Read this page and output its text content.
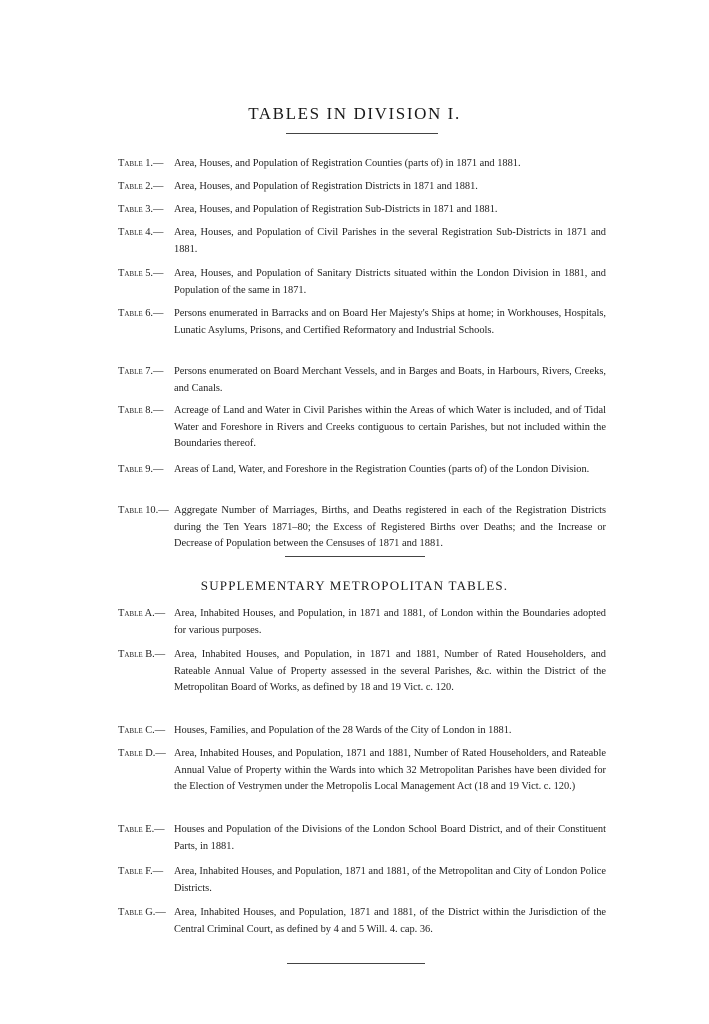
TABLES IN DIVISION I.
Table 1.— Area, Houses, and Population of Registration Counties (parts of) in 1871 and 1881.
Table 2.— Area, Houses, and Population of Registration Districts in 1871 and 1881.
Table 3.— Area, Houses, and Population of Registration Sub-Districts in 1871 and 1881.
Table 4.— Area, Houses, and Population of Civil Parishes in the several Registration Sub-Districts in 1871 and 1881.
Table 5.— Area, Houses, and Population of Sanitary Districts situated within the London Division in 1881, and Population of the same in 1871.
Table 6.— Persons enumerated in Barracks and on Board Her Majesty's Ships at home; in Workhouses, Hospitals, Lunatic Asylums, Prisons, and Certified Reformatory and Industrial Schools.
Table 7.— Persons enumerated on Board Merchant Vessels, and in Barges and Boats, in Harbours, Rivers, Creeks, and Canals.
Table 8.— Acreage of Land and Water in Civil Parishes within the Areas of which Water is included, and of Tidal Water and Foreshore in Rivers and Creeks contiguous to certain Parishes, but not included within the Boundaries thereof.
Table 9.— Areas of Land, Water, and Foreshore in the Registration Counties (parts of) of the London Division.
Table 10.— Aggregate Number of Marriages, Births, and Deaths registered in each of the Registration Districts during the Ten Years 1871–80; the Excess of Registered Births over Deaths; and the Increase or Decrease of Population between the Censuses of 1871 and 1881.
SUPPLEMENTARY METROPOLITAN TABLES.
Table A.— Area, Inhabited Houses, and Population, in 1871 and 1881, of London within the Boundaries adopted for various purposes.
Table B.— Area, Inhabited Houses, and Population, in 1871 and 1881, Number of Rated Householders, and Rateable Annual Value of Property assessed in the several Parishes, &c. within the District of the Metropolitan Board of Works, as defined by 18 and 19 Vict. c. 120.
Table C.— Houses, Families, and Population of the 28 Wards of the City of London in 1881.
Table D.— Area, Inhabited Houses, and Population, 1871 and 1881, Number of Rated Householders, and Rateable Annual Value of Property within the Wards into which 32 Metropolitan Parishes have been divided for the Election of Vestrymen under the Metropolis Local Management Act (18 and 19 Vict. c. 120.)
Table E.— Houses and Population of the Divisions of the London School Board District, and of their Constituent Parts, in 1881.
Table F.— Area, Inhabited Houses, and Population, 1871 and 1881, of the Metropolitan and City of London Police Districts.
Table G.— Area, Inhabited Houses, and Population, 1871 and 1881, of the District within the Jurisdiction of the Central Criminal Court, as defined by 4 and 5 Will. 4. cap. 36.
